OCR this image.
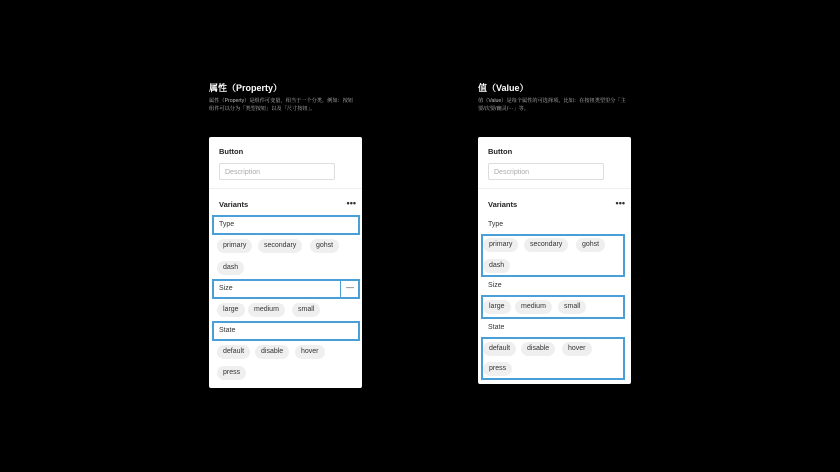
属性（Property）
属性（Property）是组件可变量，相当于一个分类。例如：按钮
组件可以分为「类型按钮」以及「尺寸按钮」。
Button
Description
Variants	•••
Type
primary	secondary	gohst
dash
Size	—
large	medium	small
State
default	disable	hover
press
值（Value）
值（Value）是每个属性的可选择项。比如：在按钮类型里分「主
要/次要/幽灵/···」等。
Button
Description
Variants	•••
Type
primary	secondary	gohst
dash
Size
large	medium	small
State
default	disable	hover
press
